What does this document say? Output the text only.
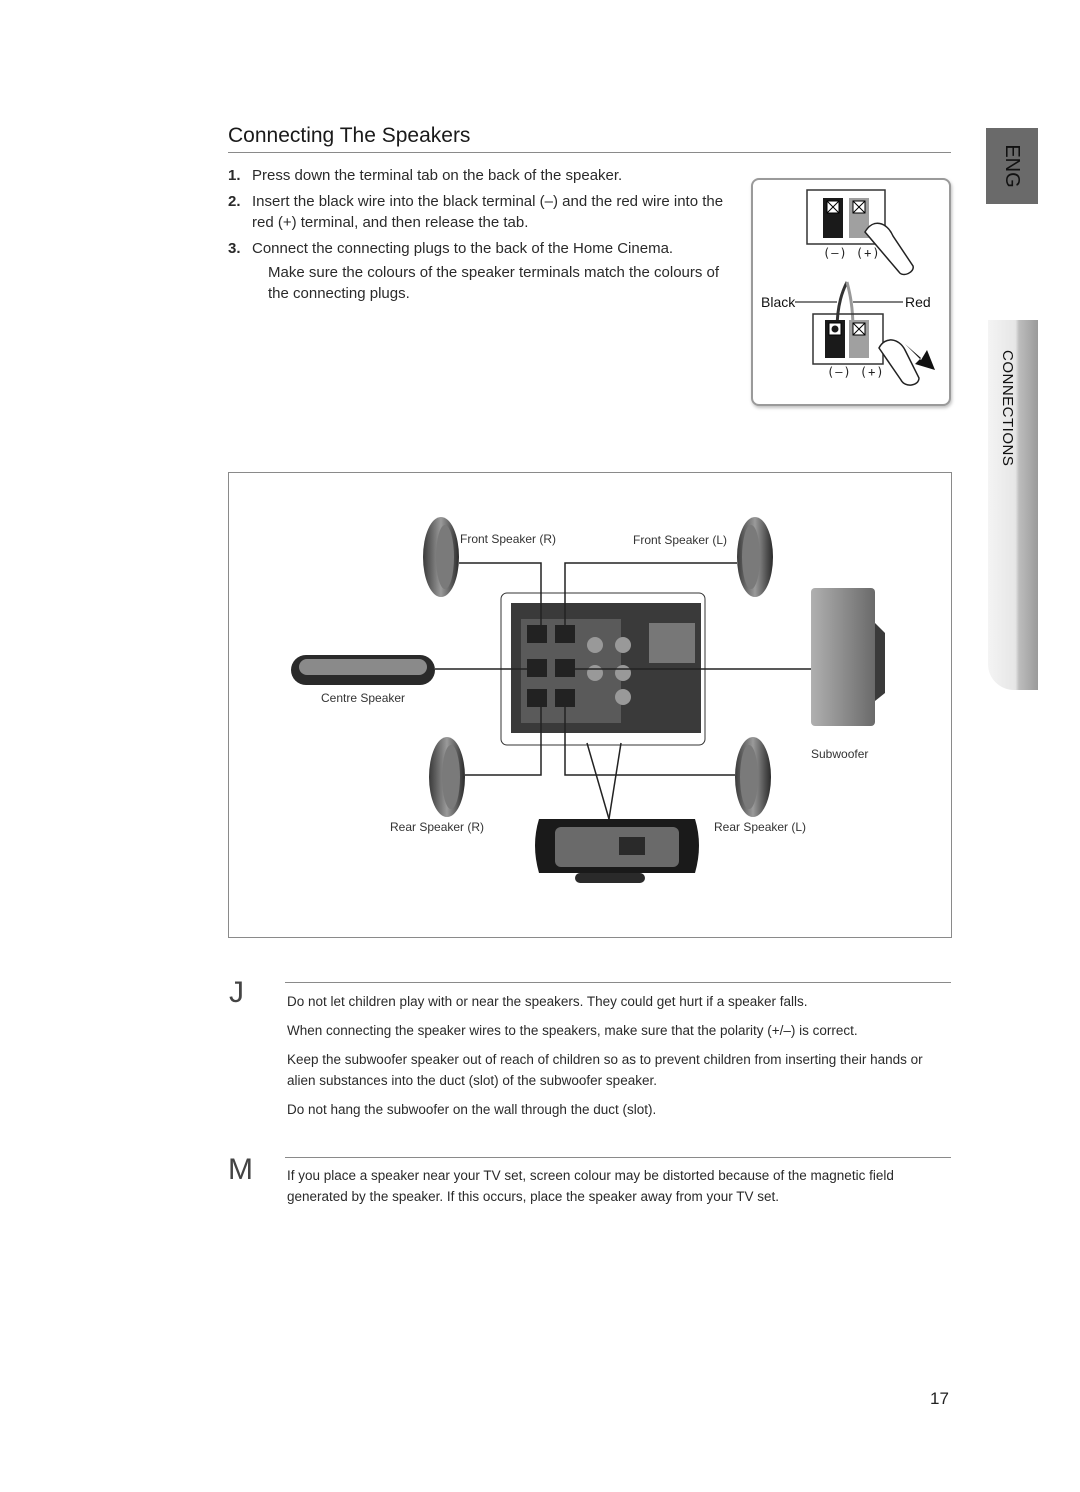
Connecting The Speakers
1. Press down the terminal tab on the back of the speaker.
2. Insert the black wire into the black terminal (–) and the red wire into the red (+) terminal, and then release the tab.
3. Connect the connecting plugs to the back of the Home Cinema.
Make sure the colours of the speaker terminals match the colours of the connecting plugs.
ENG
CONNECTIONS
Black	Red
(–) (+)
(–) (+)
Front Speaker (R)	Front Speaker (L)
Centre Speaker
Subwoofer
Rear Speaker (R)	Rear Speaker (L)
J	Do not let children play with or near the speakers. They could get hurt if a speaker falls.
When connecting the speaker wires to the speakers, make sure that the polarity (+/–) is correct.
Keep the subwoofer speaker out of reach of children so as to prevent children from inserting their hands or alien substances into the duct (slot) of the subwoofer speaker.
Do not hang the subwoofer on the wall through the duct (slot).
M	If you place a speaker near your TV set, screen colour may be distorted because of the magnetic field generated by the speaker. If this occurs, place the speaker away from your TV set.
17
